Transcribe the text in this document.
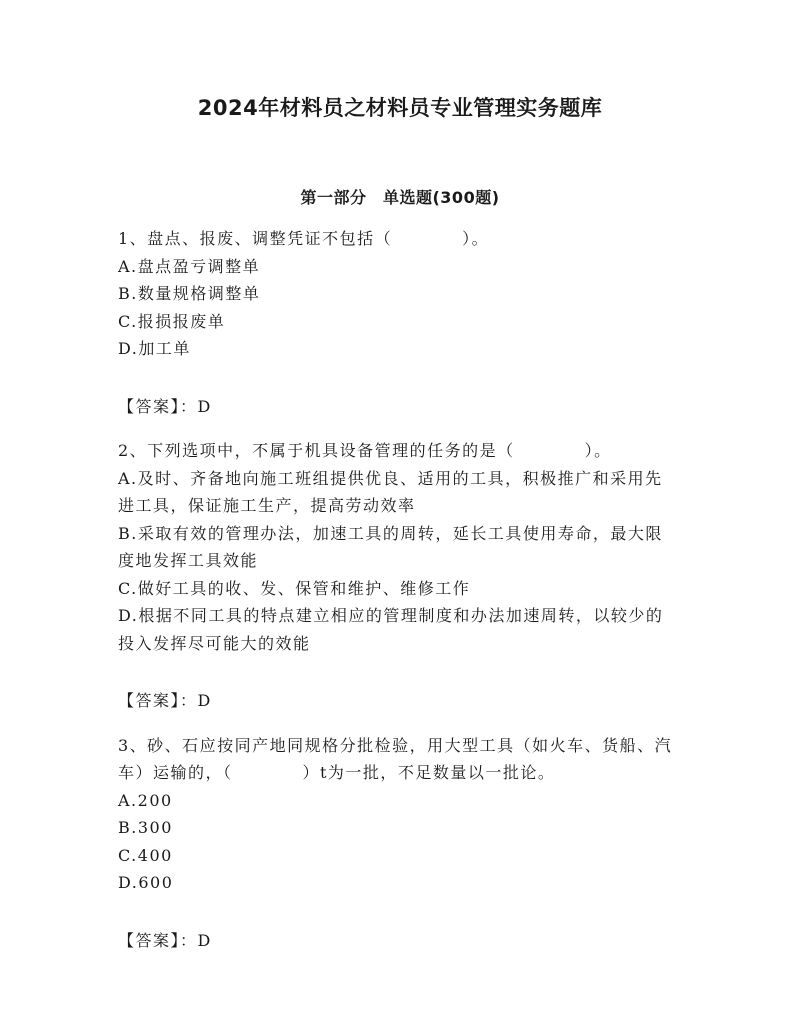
2024年材料员之材料员专业管理实务题库
第一部分　单选题(300题)

1、盘点、报废、调整凭证不包括（　　　　）。

A.盘点盈亏调整单

B.数量规格调整单

C.报损报废单

D.加工单

【答案】：D

2、下列选项中，不属于机具设备管理的任务的是（　　　　）。

A.及时、齐备地向施工班组提供优良、适用的工具，积极推广和采用先进工具，保证施工生产，提高劳动效率

B.采取有效的管理办法，加速工具的周转，延长工具使用寿命，最大限度地发挥工具效能

C.做好工具的收、发、保管和维护、维修工作

D.根据不同工具的特点建立相应的管理制度和办法加速周转，以较少的投入发挥尽可能大的效能

【答案】：D

3、砂、石应按同产地同规格分批检验，用大型工具（如火车、货船、汽车）运输的，（　　　　）t为一批，不足数量以一批论。

A.200

B.300

C.400

D.600

【答案】：D
